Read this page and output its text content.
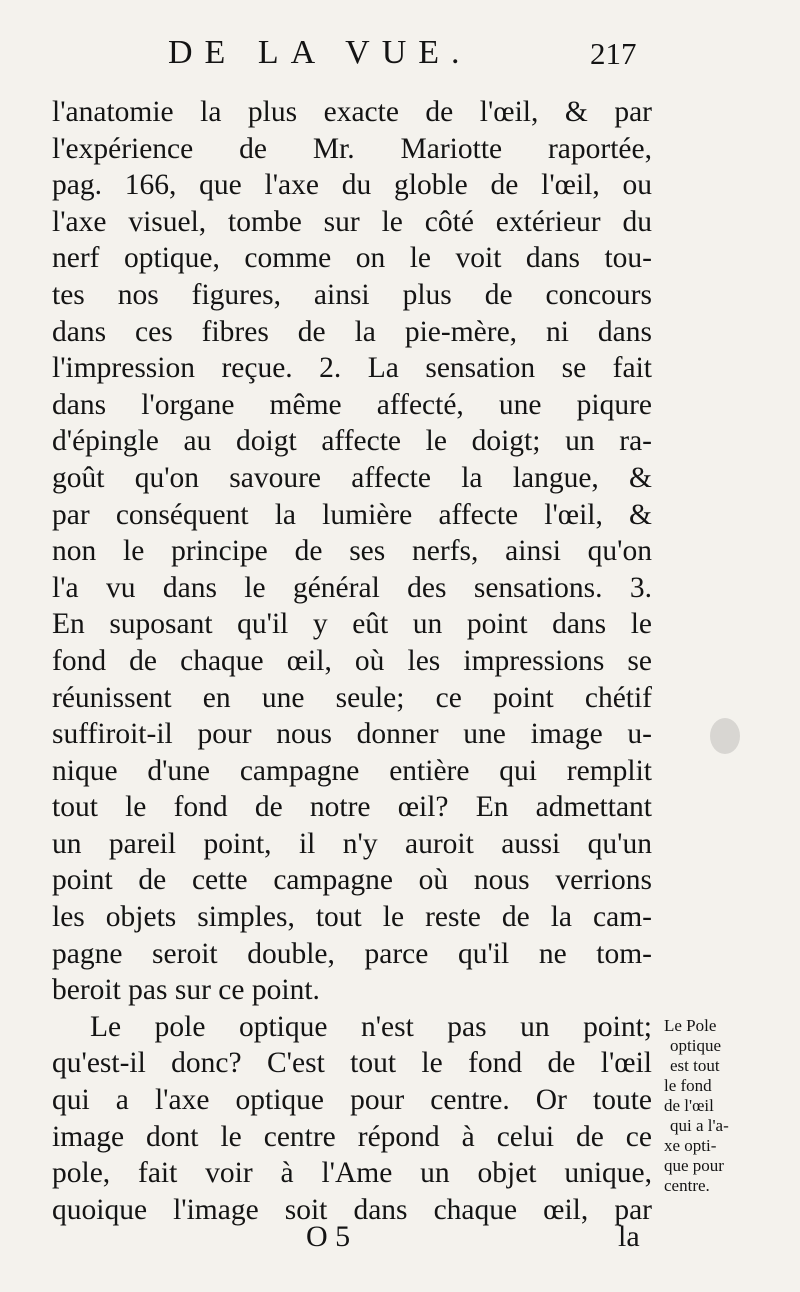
DE LA VUE.	217
l'anatomie la plus exacte de l'œil, & par
l'expérience de Mr. Mariotte raportée,
pag. 166, que l'axe du globle de l'œil, ou
l'axe visuel, tombe sur le côté extérieur du
nerf optique, comme on le voit dans tou-
tes nos figures, ainsi plus de concours
dans ces fibres de la pie-mère, ni dans
l'impression reçue. 2. La sensation se fait
dans l'organe même affecté, une piqure
d'épingle au doigt affecte le doigt; un ra-
goût qu'on savoure affecte la langue, &
par conséquent la lumière affecte l'œil, &
non le principe de ses nerfs, ainsi qu'on
l'a vu dans le général des sensations. 3.
En suposant qu'il y eût un point dans le
fond de chaque œil, où les impressions se
réunissent en une seule; ce point chétif
suffiroit-il pour nous donner une image u-
nique d'une campagne entière qui remplit
tout le fond de notre œil? En admettant
un pareil point, il n'y auroit aussi qu'un
point de cette campagne où nous verrions
les objets simples, tout le reste de la cam-
pagne seroit double, parce qu'il ne tom-
beroit pas sur ce point.
Le pole optique n'est pas un point;
qu'est-il donc? C'est tout le fond de l'œil
qui a l'axe optique pour centre. Or toute
image dont le centre répond à celui de ce
pole, fait voir à l'Ame un objet unique,
quoique l'image soit dans chaque œil, par
Le Pole
optique
est tout
le fond
de l'œil
qui a l'a-
xe opti-
que pour
centre.
O 5	la
